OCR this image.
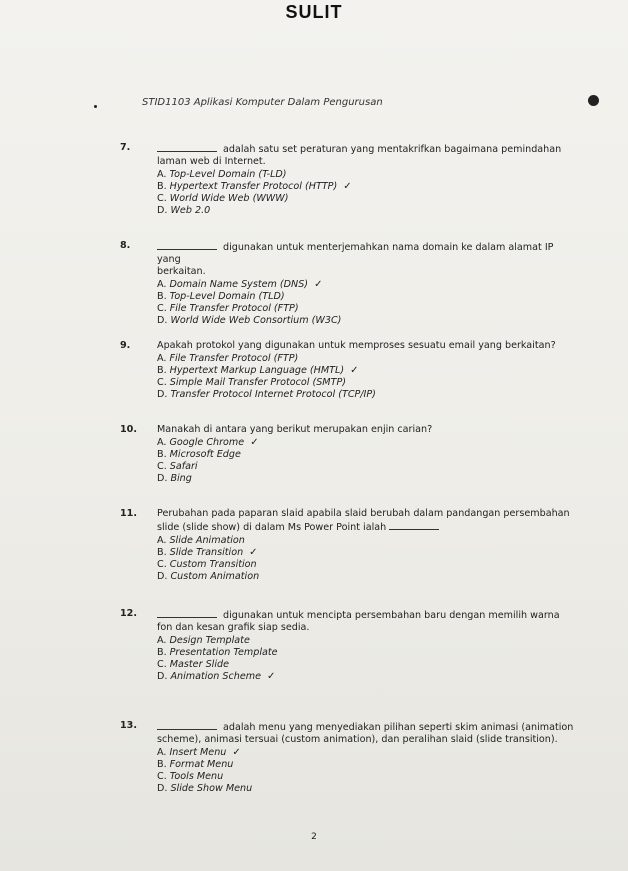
SULIT
STID1103 Aplikasi Komputer Dalam Pengurusan
7.	adalah satu set peraturan yang mentakrifkan bagaimana pemindahan
laman web di Internet.
A. Top-Level Domain (T-LD)
B. Hypertext Transfer Protocol (HTTP) ✓
C. World Wide Web (WWW)
D. Web 2.0
8.	digunakan untuk menterjemahkan nama domain ke dalam alamat IP yang
berkaitan.
A. Domain Name System (DNS) ✓
B. Top-Level Domain (TLD)
C. File Transfer Protocol (FTP)
D. World Wide Web Consortium (W3C)
9.	Apakah protokol yang digunakan untuk memproses sesuatu email yang berkaitan?
A. File Transfer Protocol (FTP)
B. Hypertext Markup Language (HMTL) ✓
C. Simple Mail Transfer Protocol (SMTP)
D. Transfer Protocol Internet Protocol (TCP/IP)
10. Manakah di antara yang berikut merupakan enjin carian?
A. Google Chrome ✓
B. Microsoft Edge
C. Safari
D. Bing
11. Perubahan pada paparan slaid apabila slaid berubah dalam pandangan persembahan
slide (slide show) di dalam Ms Power Point ialah
A. Slide Animation
B. Slide Transition ✓
C. Custom Transition
D. Custom Animation
12.	digunakan untuk mencipta persembahan baru dengan memilih warna
fon dan kesan grafik siap sedia.
A. Design Template
B. Presentation Template
C. Master Slide
D. Animation Scheme ✓
13.	adalah menu yang menyediakan pilihan seperti skim animasi (animation
scheme), animasi tersuai (custom animation), dan peralihan slaid (slide transition).
A. Insert Menu ✓
B. Format Menu
C. Tools Menu
D. Slide Show Menu
2
